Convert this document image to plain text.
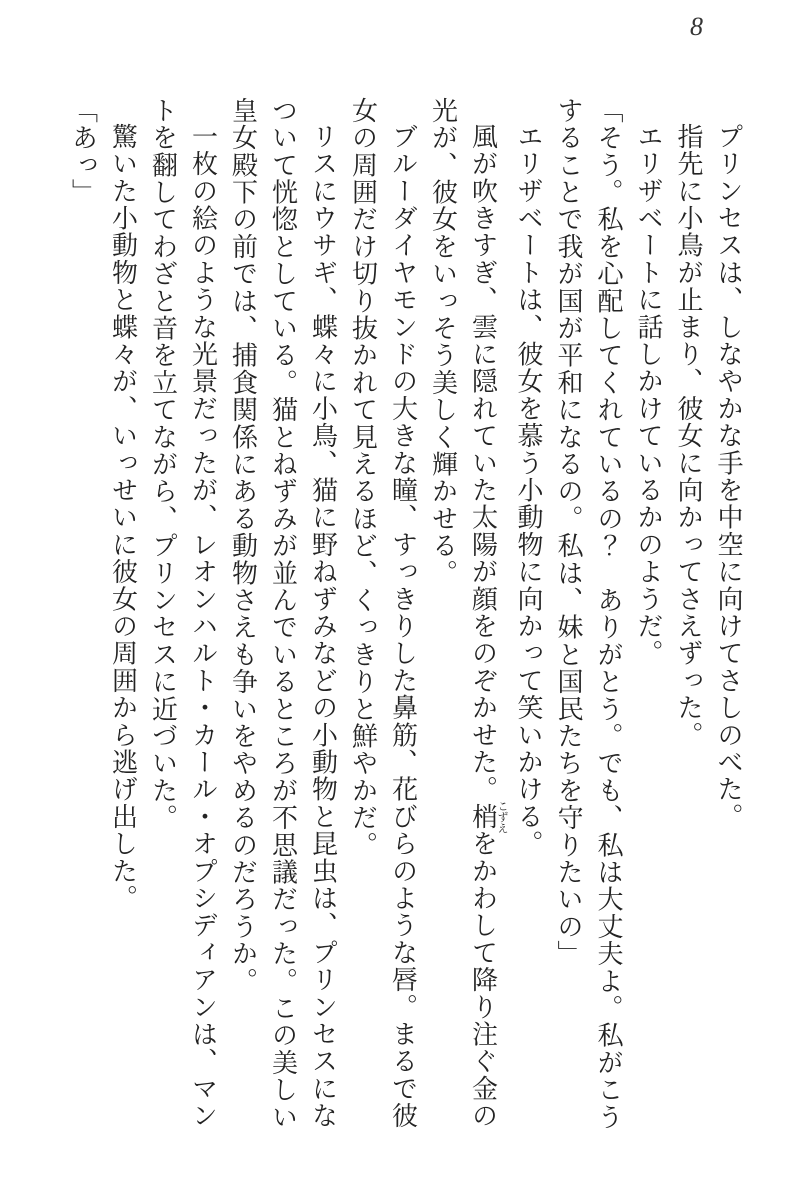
8

プリンセスは、しなやかな手を中空に向けてさしのべた。

指先に小鳥が止まり、彼女に向かってさえずった。

エリザベートに話しかけているかのようだ。

「そう。私を心配してくれているの？　ありがとう。でも、私は大丈夫よ。私がこうすることで我が国が平和になるの。私は、妹と国民たちを守りたいの」

エリザベートは、彼女を慕う小動物に向かって笑いかける。

風が吹きすぎ、雲に隠れていた太陽が顔をのぞかせた。梢こずえをかわして降り注ぐ金の光が、彼女をいっそう美しく輝かせる。

ブルーダイヤモンドの大きな瞳、すっきりした鼻筋、花びらのような唇。まるで彼女の周囲だけ切り抜かれて見えるほど、くっきりと鮮やかだ。

リスにウサギ、蝶々に小鳥、猫に野ねずみなどの小動物と昆虫は、プリンセスになついて恍惚としている。猫とねずみが並んでいるところが不思議だった。この美しい皇女殿下の前では、捕食関係にある動物さえも争いをやめるのだろうか。

一枚の絵のような光景だったが、レオンハルト・カール・オプシディアンは、マントを翻してわざと音を立てながら、プリンセスに近づいた。

驚いた小動物と蝶々が、いっせいに彼女の周囲から逃げ出した。

「あっ」
